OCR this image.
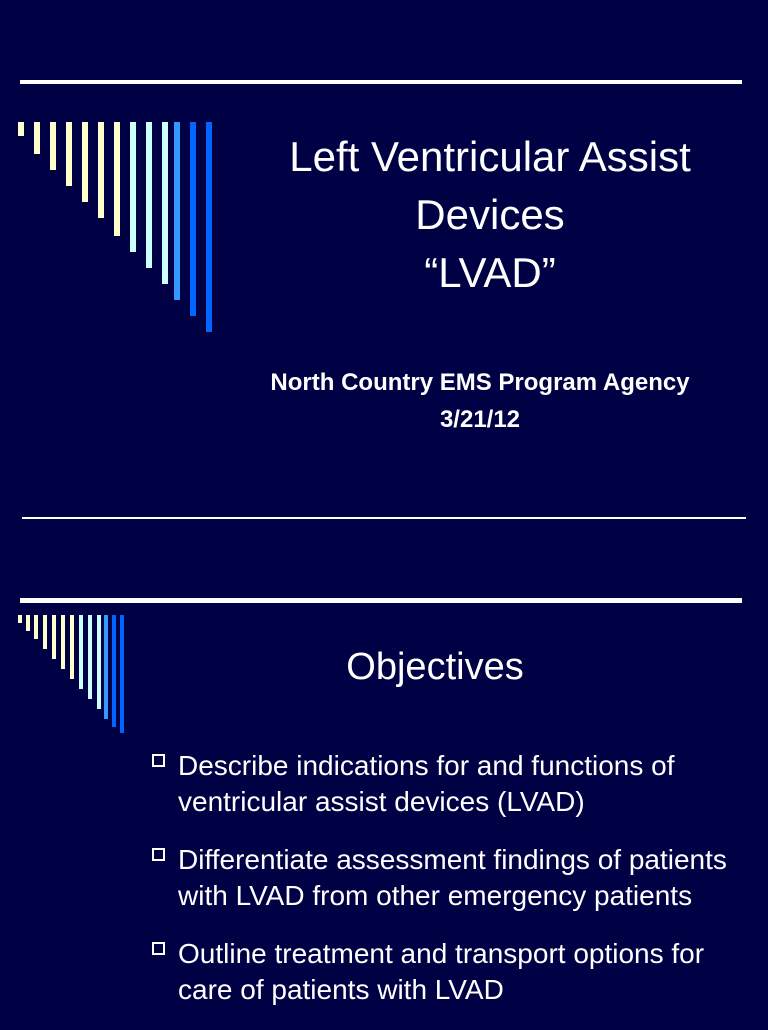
Left Ventricular Assist
Devices
“LVAD”
North Country EMS Program Agency
3/21/12
Objectives
Describe indications for and functions of ventricular assist devices (LVAD)
Differentiate assessment findings of patients with LVAD from other emergency patients
Outline treatment and transport options for care of patients with LVAD
